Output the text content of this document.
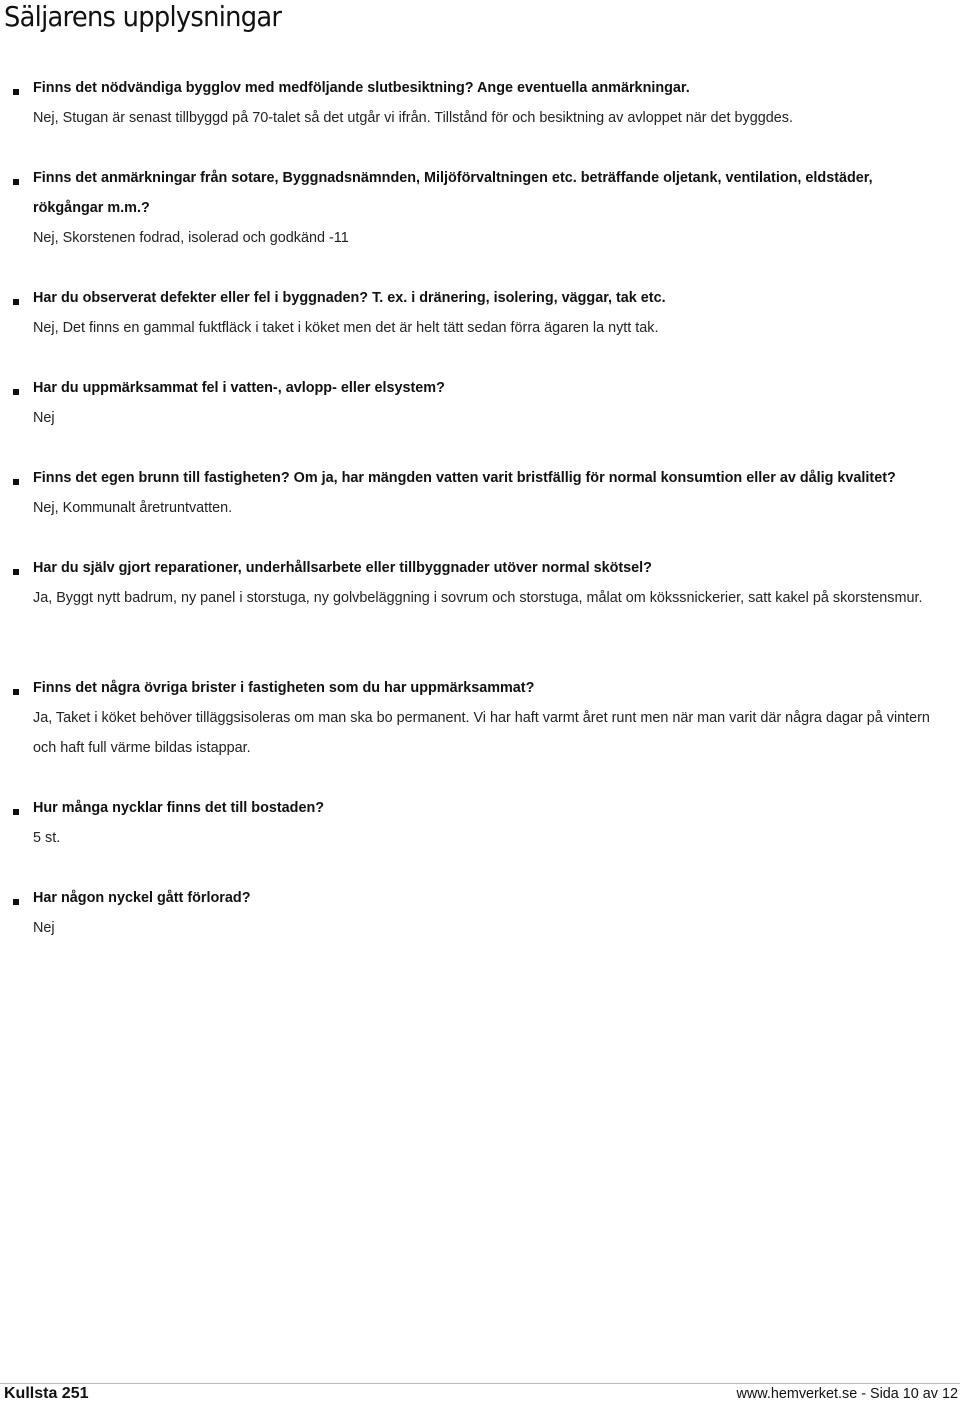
Säljarens upplysningar
Finns det nödvändiga bygglov med medföljande slutbesiktning? Ange eventuella anmärkningar.
Nej, Stugan är senast tillbyggd på 70-talet så det utgår vi ifrån. Tillstånd för och besiktning av avloppet när det byggdes.
Finns det anmärkningar från sotare, Byggnadsnämnden, Miljöförvaltningen etc. beträffande oljetank, ventilation, eldstäder, rökgångar m.m.?
Nej, Skorstenen fodrad, isolerad och godkänd -11
Har du observerat defekter eller fel i byggnaden? T. ex. i dränering, isolering, väggar, tak etc.
Nej, Det finns en gammal fuktfläck i taket i köket men det är helt tätt sedan förra ägaren la nytt tak.
Har du uppmärksammat fel i vatten-, avlopp- eller elsystem?
Nej
Finns det egen brunn till fastigheten? Om ja, har mängden vatten varit bristfällig för normal konsumtion eller av dålig kvalitet?
Nej, Kommunalt åretruntvatten.
Har du själv gjort reparationer, underhållsarbete eller tillbyggnader utöver normal skötsel?
Ja, Byggt nytt badrum, ny panel i storstuga, ny golvbeläggning i sovrum och storstuga, målat om kökssnickerier, satt kakel på skorstensmur.
Finns det några övriga brister i fastigheten som du har uppmärksammat?
Ja, Taket i köket behöver tilläggsisoleras om man ska bo permanent. Vi har haft varmt året runt men när man varit där några dagar på vintern och haft full värme bildas istappar.
Hur många nycklar finns det till bostaden?
5 st.
Har någon nyckel gått förlorad?
Nej
Kullsta 251	www.hemverket.se - Sida 10 av 12
